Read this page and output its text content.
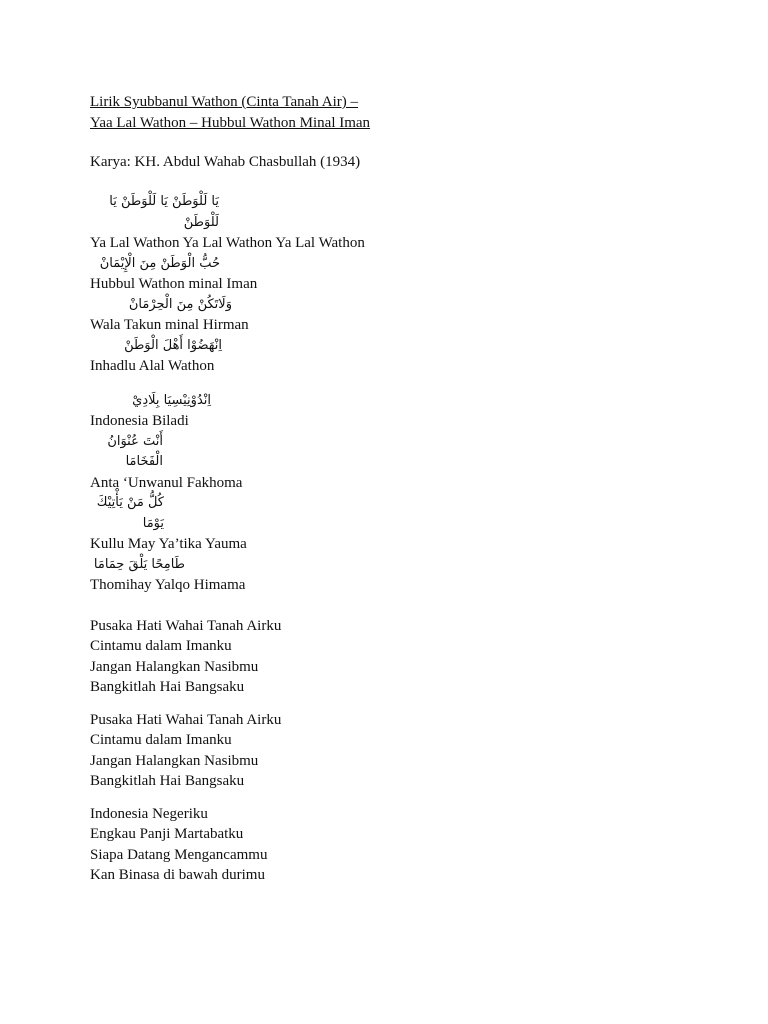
Lirik Syubbanul Wathon (Cinta Tanah Air) –
Yaa Lal Wathon – Hubbul Wathon Minal Iman
Karya: KH. Abdul Wahab Chasbullah (1934)
يَا لَلْوَطَنْ يَا لَلْوَطَنْ يَا لَلْوَطَنْ
Ya Lal Wathon Ya Lal Wathon Ya Lal Wathon
حُبُّ الْوَطَنْ مِنَ الْإِيْمَانْ
Hubbul Wathon minal Iman
وَلَاتَكُنْ مِنَ الْحِرْمَانْ
Wala Takun minal Hirman
اِنْهَضُوْا أَهْلَ الْوَطَنْ
Inhadlu Alal Wathon
اِنْدُوْنِيْسِيَا بِلَادِيْ
Indonesia Biladi
أَنْتَ عُنْوَانُ الْفَخَامَا
Anta ‘Unwanul Fakhoma
كُلُّ مَنْ يَأْتِيْكَ يَوْمَا
Kullu May Ya’tika Yauma
طَامِحًا يَلْقَ حِمَامَا
Thomihay Yalqo Himama
Pusaka Hati Wahai Tanah Airku
Cintamu dalam Imanku
Jangan Halangkan Nasibmu
Bangkitlah Hai Bangsaku
Pusaka Hati Wahai Tanah Airku
Cintamu dalam Imanku
Jangan Halangkan Nasibmu
Bangkitlah Hai Bangsaku
Indonesia Negeriku
Engkau Panji Martabatku
Siapa Datang Mengancammu
Kan Binasa di bawah durimu
